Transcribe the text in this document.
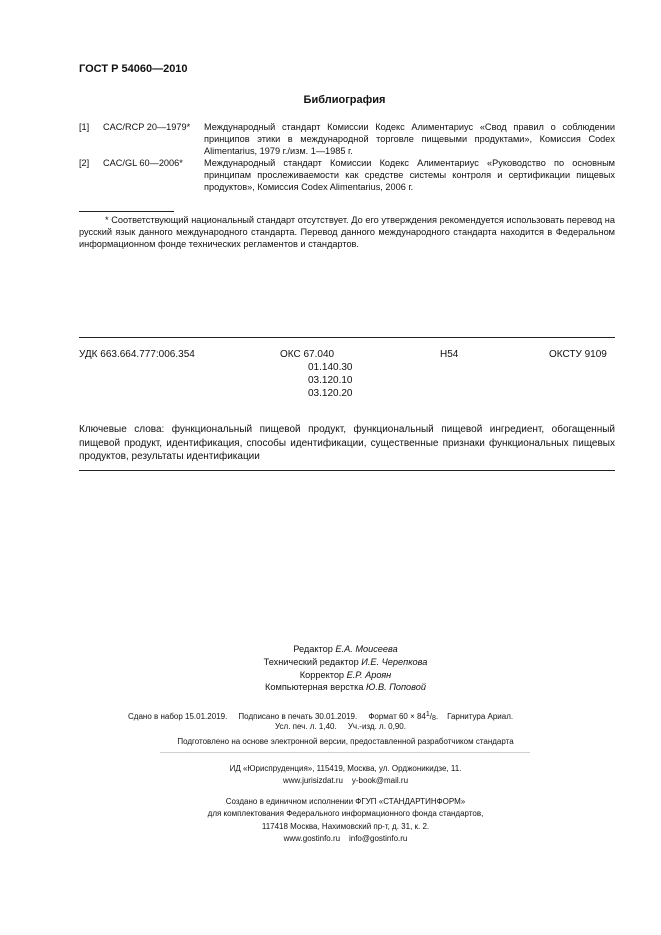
ГОСТ Р 54060—2010
Библиография
[1] CAC/RCP 20—1979* Международный стандарт Комиссии Кодекс Алиментариус «Свод правил о соблюдении принципов этики в международной торговле пищевыми продуктами», Комиссия Codex Alimentarius, 1979 г./изм. 1—1985 г.
[2] CAC/GL 60—2006* Международный стандарт Комиссии Кодекс Алиментариус «Руководство по основным принципам прослеживаемости как средстве системы контроля и сертификации пищевых продуктов», Комиссия Codex Alimentarius, 2006 г.
* Соответствующий национальный стандарт отсутствует. До его утверждения рекомендуется использовать перевод на русский язык данного международного стандарта. Перевод данного международного стандарта находится в Федеральном информационном фонде технических регламентов и стандартов.
УДК 663.664.777:006.354	ОКС 67.040
01.140.30
03.120.10
03.120.20
Н54	ОКСТУ 9109
Ключевые слова: функциональный пищевой продукт, функциональный пищевой ингредиент, обогащенный пищевой продукт, идентификация, способы идентификации, существенные признаки функциональных пищевых продуктов, результаты идентификации
Редактор Е.А. Моисеева
Технический редактор И.Е. Черепкова
Корректор Е.Р. Ароян
Компьютерная верстка Ю.В. Поповой
Сдано в набор 15.01.2019. Подписано в печать 30.01.2019. Формат $60 \times 84^1/_8$. Гарнитура Ариал.
Усл. печ. л. 1,40. Уч.-изд. л. 0,90.
Подготовлено на основе электронной версии, предоставленной разработчиком стандарта
ИД «Юриспруденция», 115419, Москва, ул. Орджоникидзе, 11.
www.jurisizdat.ru y-book@mail.ru
Создано в единичном исполнении ФГУП «СТАНДАРТИНФОРМ»
для комплектования Федерального информационного фонда стандартов,
117418 Москва, Нахимовский пр-т, д. 31, к. 2.
www.gostinfo.ru info@gostinfo.ru
